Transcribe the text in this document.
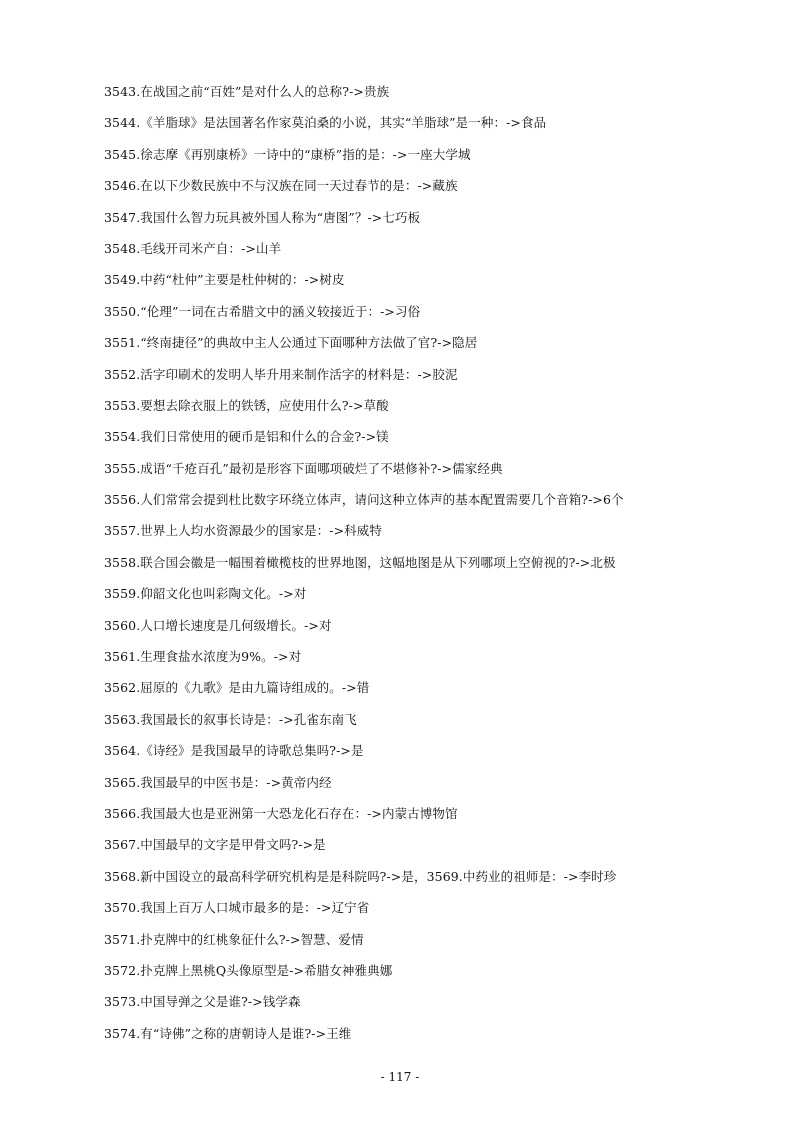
3543.在战国之前“百姓”是对什么人的总称?->贵族
3544.《羊脂球》是法国著名作家莫泊桑的小说，其实“羊脂球”是一种：->食品
3545.徐志摩《再别康桥》一诗中的“康桥”指的是：->一座大学城
3546.在以下少数民族中不与汉族在同一天过春节的是：->藏族
3547.我国什么智力玩具被外国人称为“唐图”？->七巧板
3548.毛线开司米产自：->山羊
3549.中药“杜仲”主要是杜仲树的：->树皮
3550.“伦理”一词在古希腊文中的涵义较接近于：->习俗
3551.“终南捷径”的典故中主人公通过下面哪种方法做了官?->隐居
3552.活字印刷术的发明人毕升用来制作活字的材料是：->胶泥
3553.要想去除衣服上的铁锈，应使用什么?->草酸
3554.我们日常使用的硬币是铝和什么的合金?->镁
3555.成语“千疮百孔”最初是形容下面哪项破烂了不堪修补?->儒家经典
3556.人们常常会提到杜比数字环绕立体声，请问这种立体声的基本配置需要几个音箱?->6个
3557.世界上人均水资源最少的国家是：->科威特
3558.联合国会徽是一幅围着橄榄枝的世界地图，这幅地图是从下列哪项上空俯视的?->北极
3559.仰韶文化也叫彩陶文化。->对
3560.人口增长速度是几何级增长。->对
3561.生理食盐水浓度为9%。->对
3562.屈原的《九歌》是由九篇诗组成的。->错
3563.我国最长的叙事长诗是：->孔雀东南飞
3564.《诗经》是我国最早的诗歌总集吗?->是
3565.我国最早的中医书是：->黄帝内经
3566.我国最大也是亚洲第一大恐龙化石存在：->内蒙古博物馆
3567.中国最早的文字是甲骨文吗?->是
3568.新中国设立的最高科学研究机构是是科院吗?->是，3569.中药业的祖师是：->李时珍
3570.我国上百万人口城市最多的是：->辽宁省
3571.扑克牌中的红桃象征什么?->智慧、爱情
3572.扑克牌上黑桃Q头像原型是->希腊女神雅典娜
3573.中国导弹之父是谁?->钱学森
3574.有“诗佛”之称的唐朝诗人是谁?->王维
- 117 -
